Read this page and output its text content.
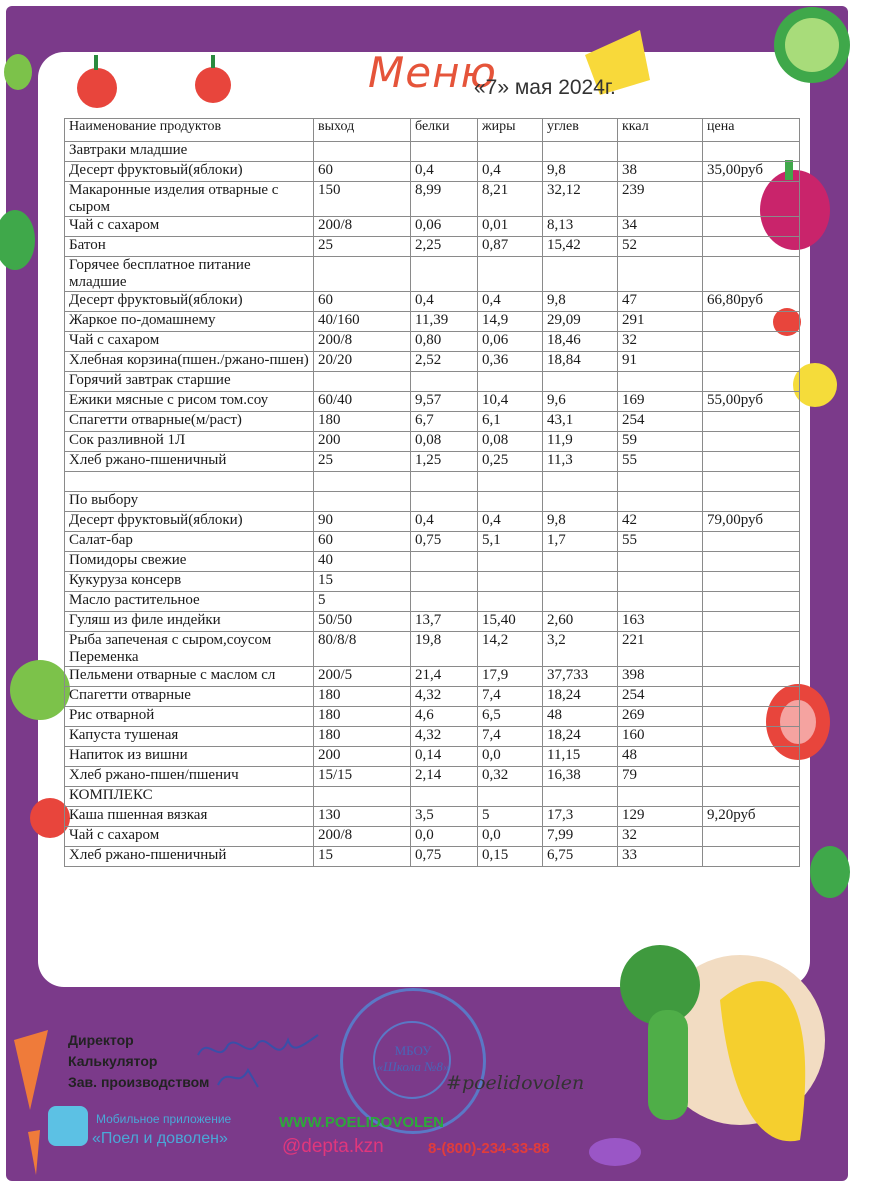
Меню
«7» мая 2024г.
Наименование продуктов	выход	белки	жиры	углев	ккал	цена
Завтраки младшие						
Десерт фруктовый(яблоки)	60	0,4	0,4	9,8	38	35,00руб
Макаронные изделия отварные с сыром	150	8,99	8,21	32,12	239	
Чай с сахаром	200/8	0,06	0,01	8,13	34	
Батон	25	2,25	0,87	15,42	52	
Горячее бесплатное питание младшие						
Десерт фруктовый(яблоки)	60	0,4	0,4	9,8	47	66,80руб
Жаркое по-домашнему	40/160	11,39	14,9	29,09	291	
Чай с сахаром	200/8	0,80	0,06	18,46	32	
Хлебная корзина(пшен./ржано-пшен)	20/20	2,52	0,36	18,84	91	
Горячий завтрак старшие						
Ежики мясные с рисом том.соу	60/40	9,57	10,4	9,6	169	55,00руб
Спагетти отварные(м/раст)	180	6,7	6,1	43,1	254	
Сок разливной 1Л	200	0,08	0,08	11,9	59	
Хлеб ржано-пшеничный	25	1,25	0,25	11,3	55	

По выбору						
Десерт фруктовый(яблоки)	90	0,4	0,4	9,8	42	79,00руб
Салат-бар	60	0,75	5,1	1,7	55	
Помидоры свежие	40					
Кукуруза консерв	15					
Масло растительное	5					
Гуляш из филе индейки	50/50	13,7	15,40	2,60	163	
Рыба запеченая с сыром,соусом Переменка	80/8/8	19,8	14,2	3,2	221	
Пельмени отварные с маслом сл	200/5	21,4	17,9	37,733	398	
Спагетти отварные	180	4,32	7,4	18,24	254	
Рис отварной	180	4,6	6,5	48	269	
Капуста тушеная	180	4,32	7,4	18,24	160	
Напиток из вишни	200	0,14	0,0	11,15	48	
Хлеб ржано-пшен/пшенич	15/15	2,14	0,32	16,38	79	
КОМПЛЕКС						
Каша пшенная вязкая	130	3,5	5	17,3	129	9,20руб
Чай с сахаром	200/8	0,0	0,0	7,99	32	
Хлеб ржано-пшеничный	15	0,75	0,15	6,75	33	
Директор
Калькулятор
Зав. производством
МБОУ
«Школа №8»
#poelidovolen
Мобильное приложение
«Поел и доволен»
WWW.POELIDOVOLEN
@depta.kzn	8-(800)-234-33-88
АО«Департамент продовольствия и социального питания г.Казани»
